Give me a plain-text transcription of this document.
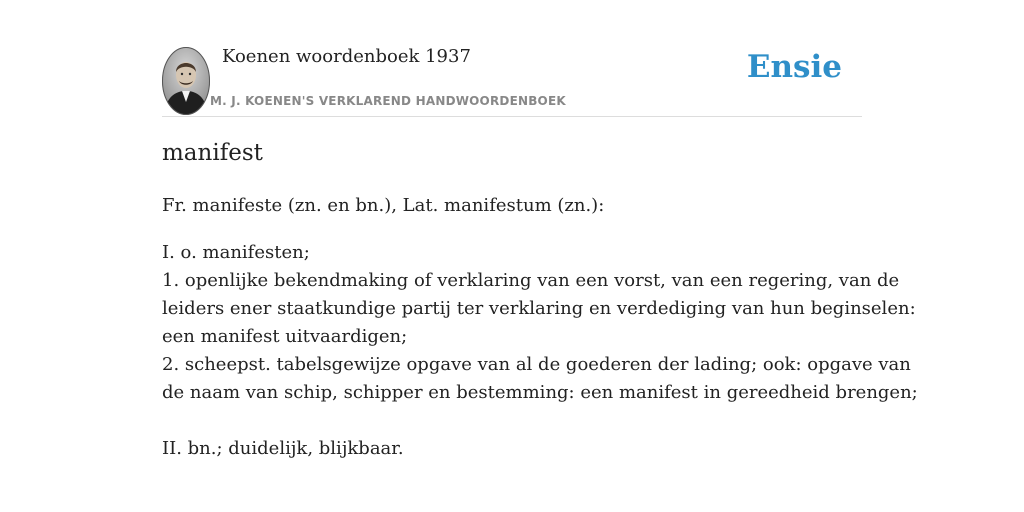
Koenen woordenboek 1937
M. J. KOENEN'S VERKLAREND HANDWOORDENBOEK
Ensie
manifest

Fr. manifeste (zn. en bn.), Lat. manifestum (zn.):

I. o. manifesten;
1. openlijke bekendmaking of verklaring van een vorst, van een regering, van de
leiders ener staatkundige partij ter verklaring en verdediging van hun beginselen:
een manifest uitvaardigen;
2. scheepst. tabelsgewijze opgave van al de goederen der lading; ook: opgave van
de naam van schip, schipper en bestemming: een manifest in gereedheid brengen;
II. bn.; duidelijk, blijkbaar.
